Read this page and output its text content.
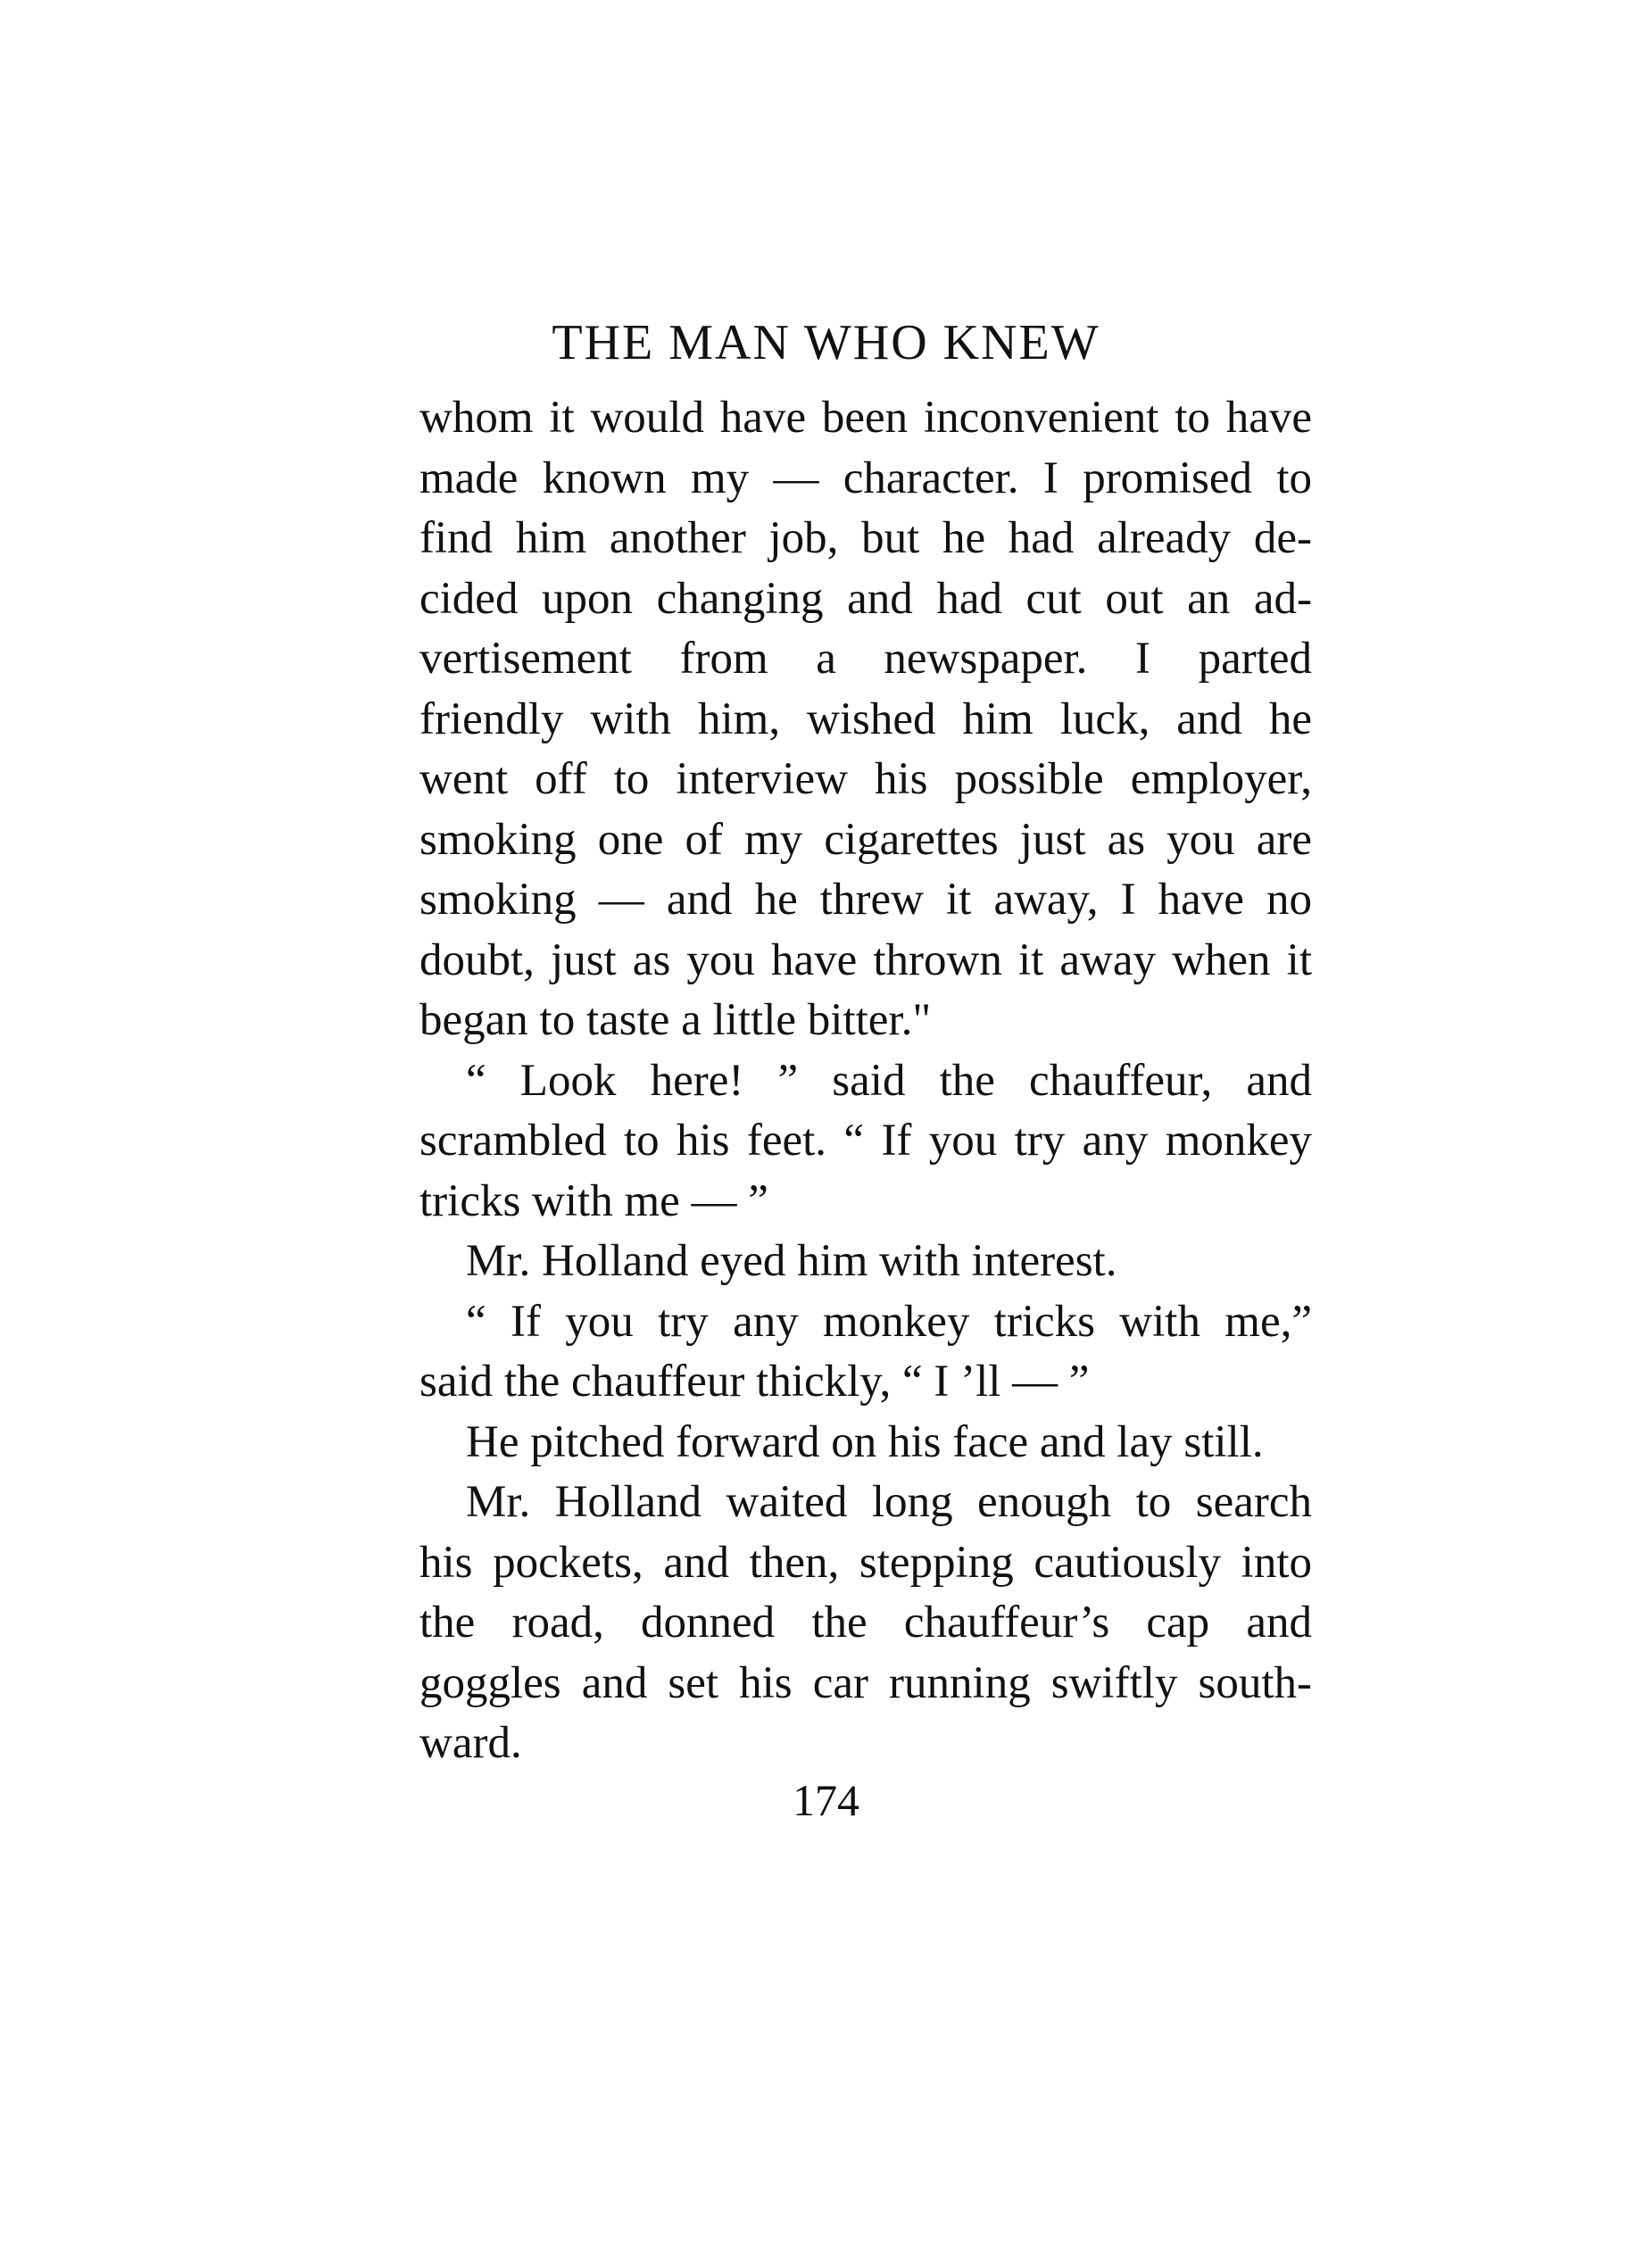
THE MAN WHO KNEW
whom it would have been inconvenient to have
made known my — character. I promised to
find him another job, but he had already de-
cided upon changing and had cut out an ad-
vertisement from a newspaper. I parted
friendly with him, wished him luck, and he
went off to interview his possible employer,
smoking one of my cigarettes just as you are
smoking — and he threw it away, I have no
doubt, just as you have thrown it away when it
began to taste a little bitter."
“ Look here! ” said the chauffeur, and
scrambled to his feet. “ If you try any monkey
tricks with me — ”
Mr. Holland eyed him with interest.
“ If you try any monkey tricks with me,”
said the chauffeur thickly, “ I ’ll — ”
He pitched forward on his face and lay still.
Mr. Holland waited long enough to search
his pockets, and then, stepping cautiously into
the road, donned the chauffeur’s cap and
goggles and set his car running swiftly south-
ward.
174
